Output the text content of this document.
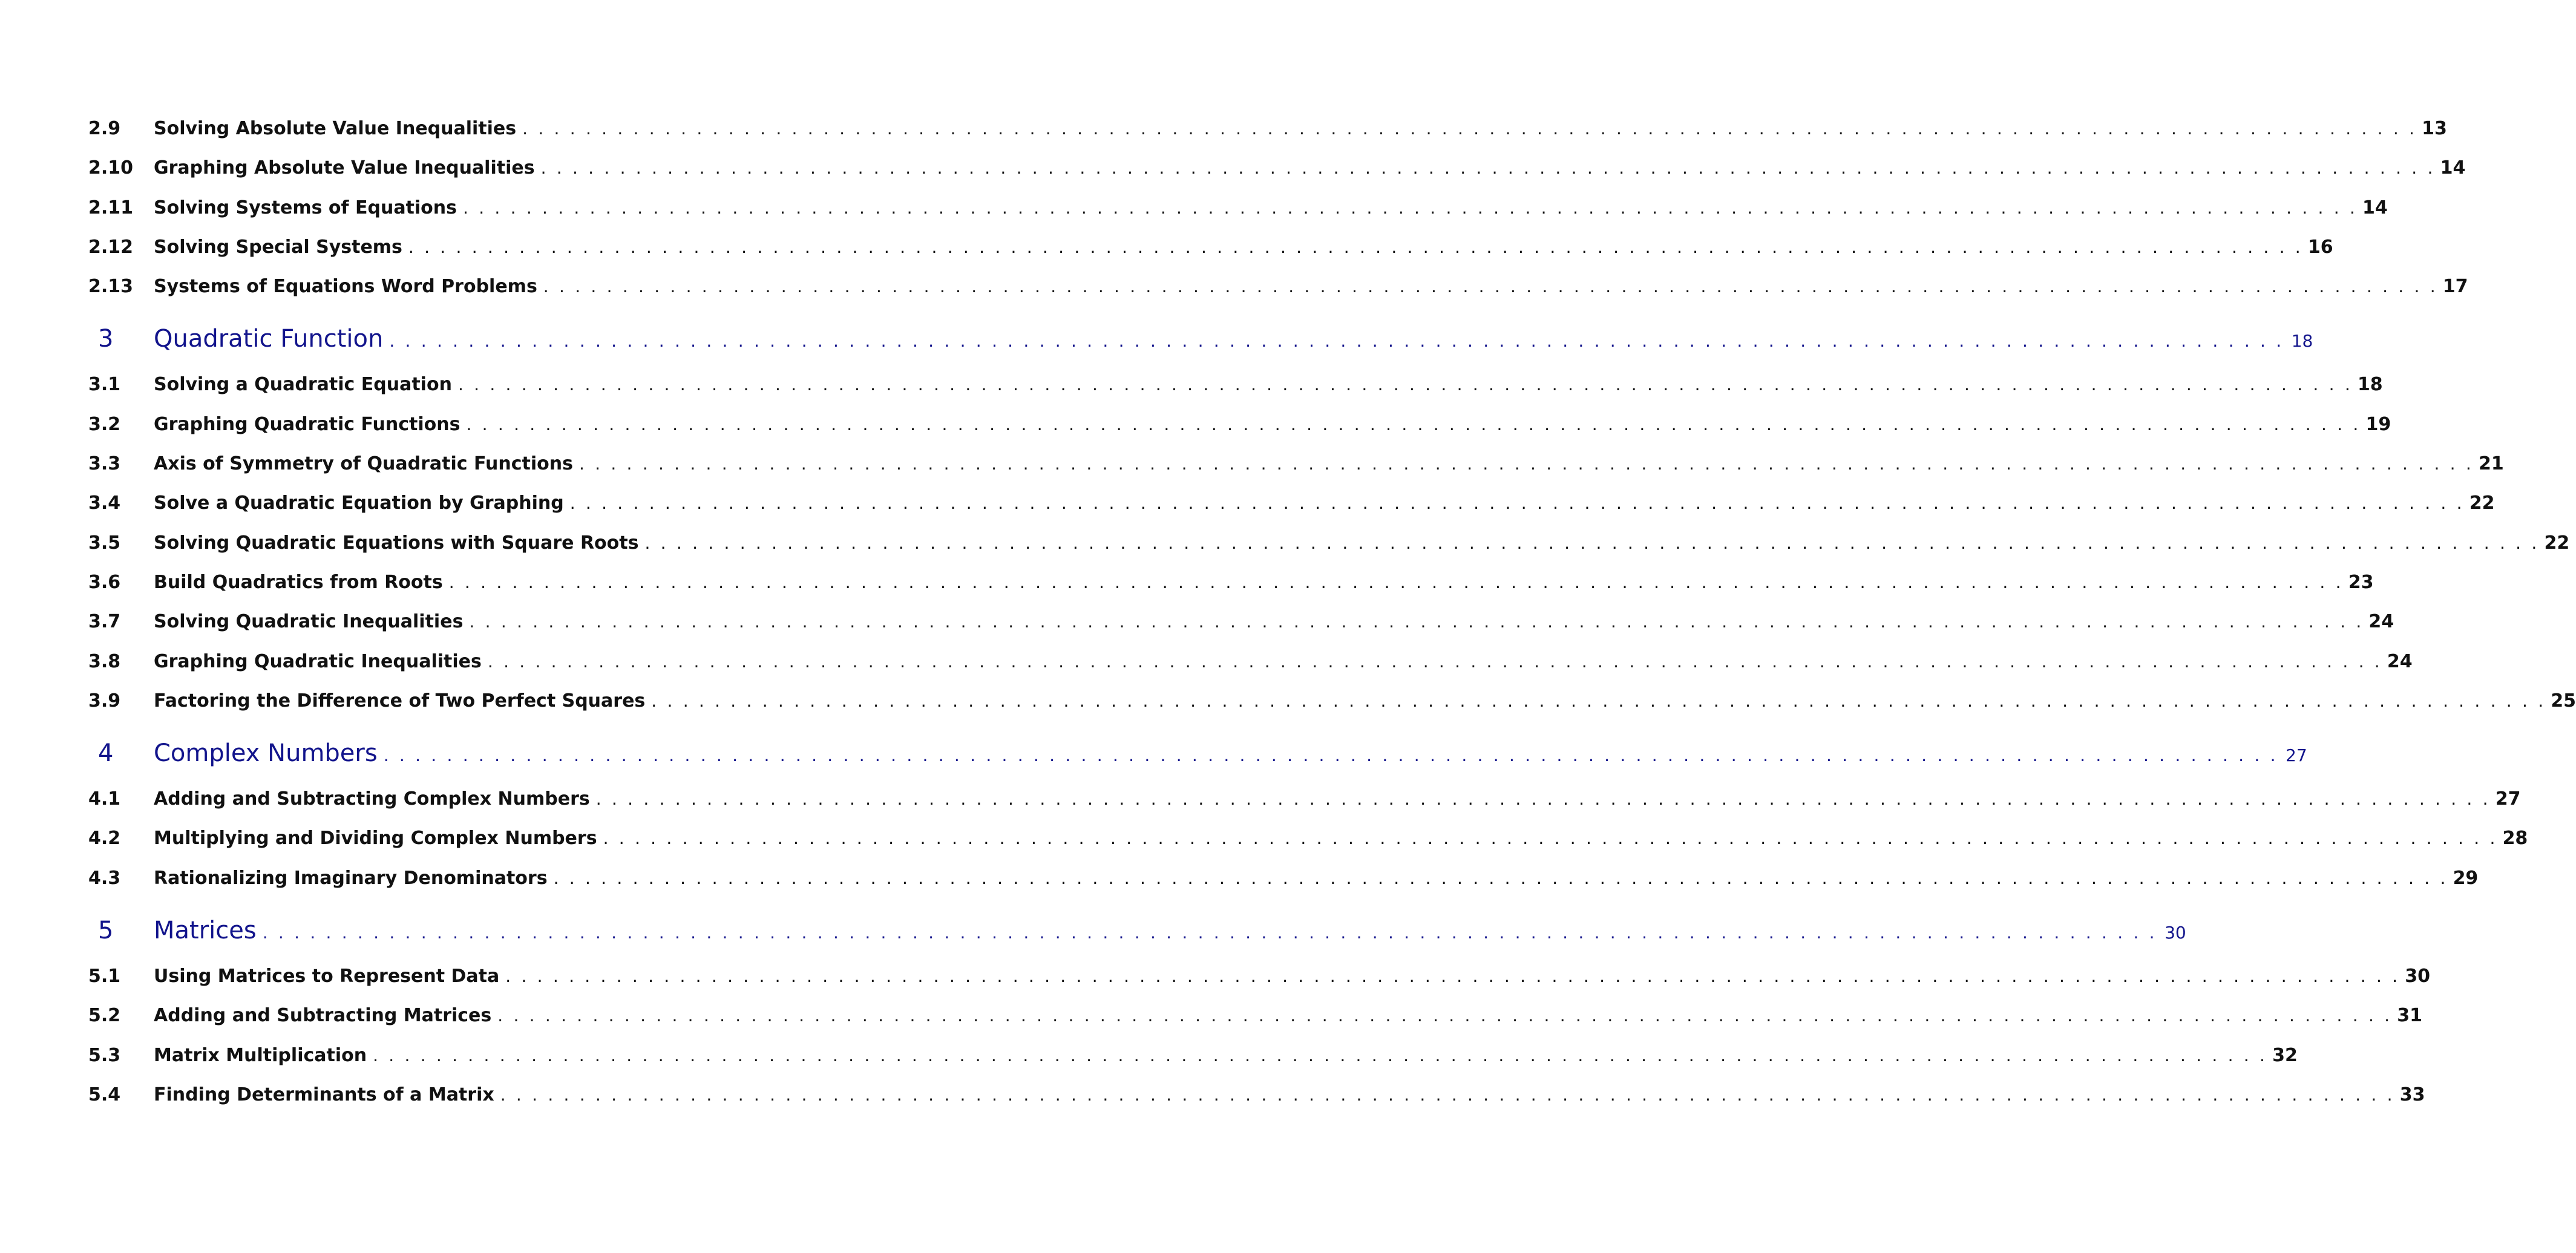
2.9	Solving Absolute Value Inequalities . . . . . . . . . . . . . . . . . . . . . . . . . . . . . . . . . . . . . . . . . . . . . . . . . . . . . . . . . . . . . . . . . . . . . . . . . . . . . . . . . . . . . . . . . . . . . . . . . . . . . . . . . . . . . . . . . . . . . . . . 13
2.10	Graphing Absolute Value Inequalities . . . . . . . . . . . . . . . . . . . . . . . . . . . . . . . . . . . . . . . . . . . . . . . . . . . . . . . . . . . . . . . . . . . . . . . . . . . . . . . . . . . . . . . . . . . . . . . . . . . . . . . . . . . . . . . . . . . . . . . . 14
2.11	Solving Systems of Equations . . . . . . . . . . . . . . . . . . . . . . . . . . . . . . . . . . . . . . . . . . . . . . . . . . . . . . . . . . . . . . . . . . . . . . . . . . . . . . . . . . . . . . . . . . . . . . . . . . . . . . . . . . . . . . . . . . . . . . . . 14
2.12	Solving Special Systems . . . . . . . . . . . . . . . . . . . . . . . . . . . . . . . . . . . . . . . . . . . . . . . . . . . . . . . . . . . . . . . . . . . . . . . . . . . . . . . . . . . . . . . . . . . . . . . . . . . . . . . . . . . . . . . . . . . . . . . . 16
2.13	Systems of Equations Word Problems . . . . . . . . . . . . . . . . . . . . . . . . . . . . . . . . . . . . . . . . . . . . . . . . . . . . . . . . . . . . . . . . . . . . . . . . . . . . . . . . . . . . . . . . . . . . . . . . . . . . . . . . . . . . . . . . . . . . . . . . 17
3	Quadratic Function . . . . . . . . . . . . . . . . . . . . . . . . . . . . . . . . . . . . . . . . . . . . . . . . . . . . . . . . . . . . . . . . . . . . . . . . . . . . . . . . . . . . . . . . . . . . . . . . . . . . . . . . . . . . . . . . . . . . . . . . 18
3.1	Solving a Quadratic Equation . . . . . . . . . . . . . . . . . . . . . . . . . . . . . . . . . . . . . . . . . . . . . . . . . . . . . . . . . . . . . . . . . . . . . . . . . . . . . . . . . . . . . . . . . . . . . . . . . . . . . . . . . . . . . . . . . . . . . . . . 18
3.2	Graphing Quadratic Functions . . . . . . . . . . . . . . . . . . . . . . . . . . . . . . . . . . . . . . . . . . . . . . . . . . . . . . . . . . . . . . . . . . . . . . . . . . . . . . . . . . . . . . . . . . . . . . . . . . . . . . . . . . . . . . . . . . . . . . . . 19
3.3	Axis of Symmetry of Quadratic Functions . . . . . . . . . . . . . . . . . . . . . . . . . . . . . . . . . . . . . . . . . . . . . . . . . . . . . . . . . . . . . . . . . . . . . . . . . . . . . . . . . . . . . . . . . . . . . . . . . . . . . . . . . . . . . . . . . . . . . . . . 21
3.4	Solve a Quadratic Equation by Graphing . . . . . . . . . . . . . . . . . . . . . . . . . . . . . . . . . . . . . . . . . . . . . . . . . . . . . . . . . . . . . . . . . . . . . . . . . . . . . . . . . . . . . . . . . . . . . . . . . . . . . . . . . . . . . . . . . . . . . . . . 22
3.5	Solving Quadratic Equations with Square Roots . . . . . . . . . . . . . . . . . . . . . . . . . . . . . . . . . . . . . . . . . . . . . . . . . . . . . . . . . . . . . . . . . . . . . . . . . . . . . . . . . . . . . . . . . . . . . . . . . . . . . . . . . . . . . . . . . . . . . . . . 22
3.6	Build Quadratics from Roots . . . . . . . . . . . . . . . . . . . . . . . . . . . . . . . . . . . . . . . . . . . . . . . . . . . . . . . . . . . . . . . . . . . . . . . . . . . . . . . . . . . . . . . . . . . . . . . . . . . . . . . . . . . . . . . . . . . . . . . . 23
3.7	Solving Quadratic Inequalities . . . . . . . . . . . . . . . . . . . . . . . . . . . . . . . . . . . . . . . . . . . . . . . . . . . . . . . . . . . . . . . . . . . . . . . . . . . . . . . . . . . . . . . . . . . . . . . . . . . . . . . . . . . . . . . . . . . . . . . . 24
3.8	Graphing Quadratic Inequalities . . . . . . . . . . . . . . . . . . . . . . . . . . . . . . . . . . . . . . . . . . . . . . . . . . . . . . . . . . . . . . . . . . . . . . . . . . . . . . . . . . . . . . . . . . . . . . . . . . . . . . . . . . . . . . . . . . . . . . . . 24
3.9	Factoring the Difference of Two Perfect Squares . . . . . . . . . . . . . . . . . . . . . . . . . . . . . . . . . . . . . . . . . . . . . . . . . . . . . . . . . . . . . . . . . . . . . . . . . . . . . . . . . . . . . . . . . . . . . . . . . . . . . . . . . . . . . . . . . . . . . . . . 25
4	Complex Numbers . . . . . . . . . . . . . . . . . . . . . . . . . . . . . . . . . . . . . . . . . . . . . . . . . . . . . . . . . . . . . . . . . . . . . . . . . . . . . . . . . . . . . . . . . . . . . . . . . . . . . . . . . . . . . . . . . . . . . . . . 27
4.1	Adding and Subtracting Complex Numbers . . . . . . . . . . . . . . . . . . . . . . . . . . . . . . . . . . . . . . . . . . . . . . . . . . . . . . . . . . . . . . . . . . . . . . . . . . . . . . . . . . . . . . . . . . . . . . . . . . . . . . . . . . . . . . . . . . . . . . . . 27
4.2	Multiplying and Dividing Complex Numbers . . . . . . . . . . . . . . . . . . . . . . . . . . . . . . . . . . . . . . . . . . . . . . . . . . . . . . . . . . . . . . . . . . . . . . . . . . . . . . . . . . . . . . . . . . . . . . . . . . . . . . . . . . . . . . . . . . . . . . . . 28
4.3	Rationalizing Imaginary Denominators . . . . . . . . . . . . . . . . . . . . . . . . . . . . . . . . . . . . . . . . . . . . . . . . . . . . . . . . . . . . . . . . . . . . . . . . . . . . . . . . . . . . . . . . . . . . . . . . . . . . . . . . . . . . . . . . . . . . . . . . 29
5	Matrices . . . . . . . . . . . . . . . . . . . . . . . . . . . . . . . . . . . . . . . . . . . . . . . . . . . . . . . . . . . . . . . . . . . . . . . . . . . . . . . . . . . . . . . . . . . . . . . . . . . . . . . . . . . . . . . . . . . . . . . . 30
5.1	Using Matrices to Represent Data . . . . . . . . . . . . . . . . . . . . . . . . . . . . . . . . . . . . . . . . . . . . . . . . . . . . . . . . . . . . . . . . . . . . . . . . . . . . . . . . . . . . . . . . . . . . . . . . . . . . . . . . . . . . . . . . . . . . . . . . 30
5.2	Adding and Subtracting Matrices . . . . . . . . . . . . . . . . . . . . . . . . . . . . . . . . . . . . . . . . . . . . . . . . . . . . . . . . . . . . . . . . . . . . . . . . . . . . . . . . . . . . . . . . . . . . . . . . . . . . . . . . . . . . . . . . . . . . . . . . 31
5.3	Matrix Multiplication . . . . . . . . . . . . . . . . . . . . . . . . . . . . . . . . . . . . . . . . . . . . . . . . . . . . . . . . . . . . . . . . . . . . . . . . . . . . . . . . . . . . . . . . . . . . . . . . . . . . . . . . . . . . . . . . . . . . . . . . 32
5.4	Finding Determinants of a Matrix . . . . . . . . . . . . . . . . . . . . . . . . . . . . . . . . . . . . . . . . . . . . . . . . . . . . . . . . . . . . . . . . . . . . . . . . . . . . . . . . . . . . . . . . . . . . . . . . . . . . . . . . . . . . . . . . . . . . . . . . 33
